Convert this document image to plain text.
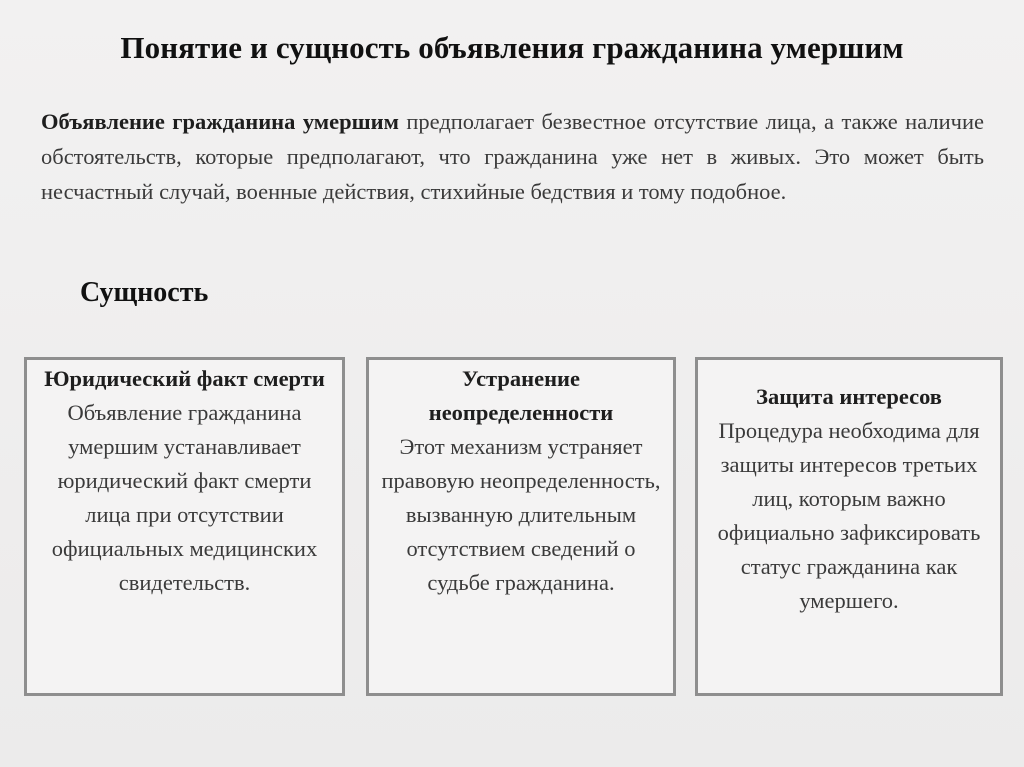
Понятие и сущность объявления гражданина умершим
Объявление гражданина умершим предполагает безвестное отсутствие лица, а также наличие обстоятельств, которые предполагают, что гражданина уже нет в живых. Это может быть несчастный случай, военные действия, стихийные бедствия и тому подобное.
Сущность
Юридический факт смерти
Объявление гражданина умершим устанавливает юридический факт смерти лица при отсутствии официальных медицинских свидетельств.
Устранение неопределенности
Этот механизм устраняет правовую неопределенность, вызванную длительным отсутствием сведений о судьбе гражданина.
Защита интересов
Процедура необходима для защиты интересов третьих лиц, которым важно официально зафиксировать статус гражданина как умершего.
